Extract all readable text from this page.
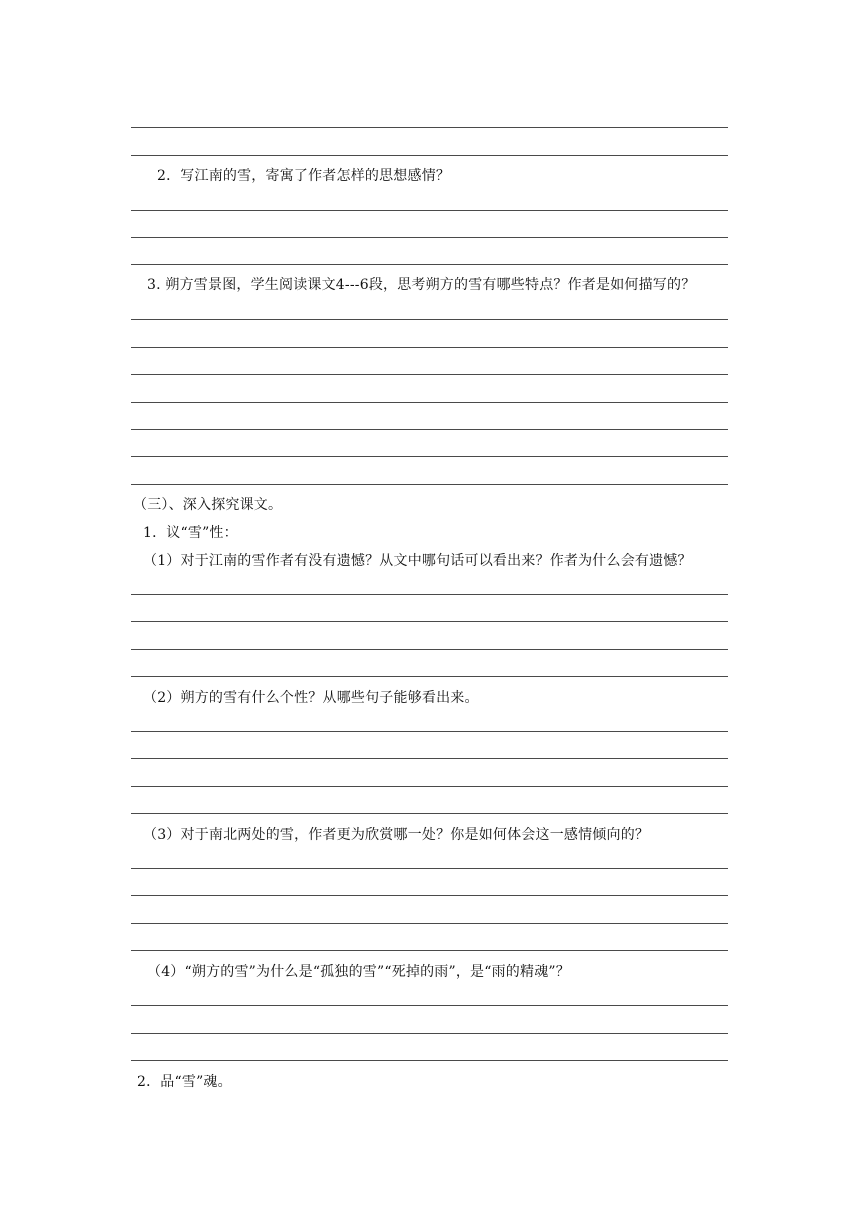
2．写江南的雪，寄寓了作者怎样的思想感情？
3. 朔方雪景图，学生阅读课文4---6段，思考朔方的雪有哪些特点？作者是如何描写的？
（三）、深入探究课文。
1．议“雪”性：
（1）对于江南的雪作者有没有遗憾？从文中哪句话可以看出来？作者为什么会有遗憾？
（2）朔方的雪有什么个性？从哪些句子能够看出来。
（3）对于南北两处的雪，作者更为欣赏哪一处？你是如何体会这一感情倾向的？
（4）“朔方的雪”为什么是“孤独的雪”“死掉的雨”，是“雨的精魂”？
2．品“雪”魂。
